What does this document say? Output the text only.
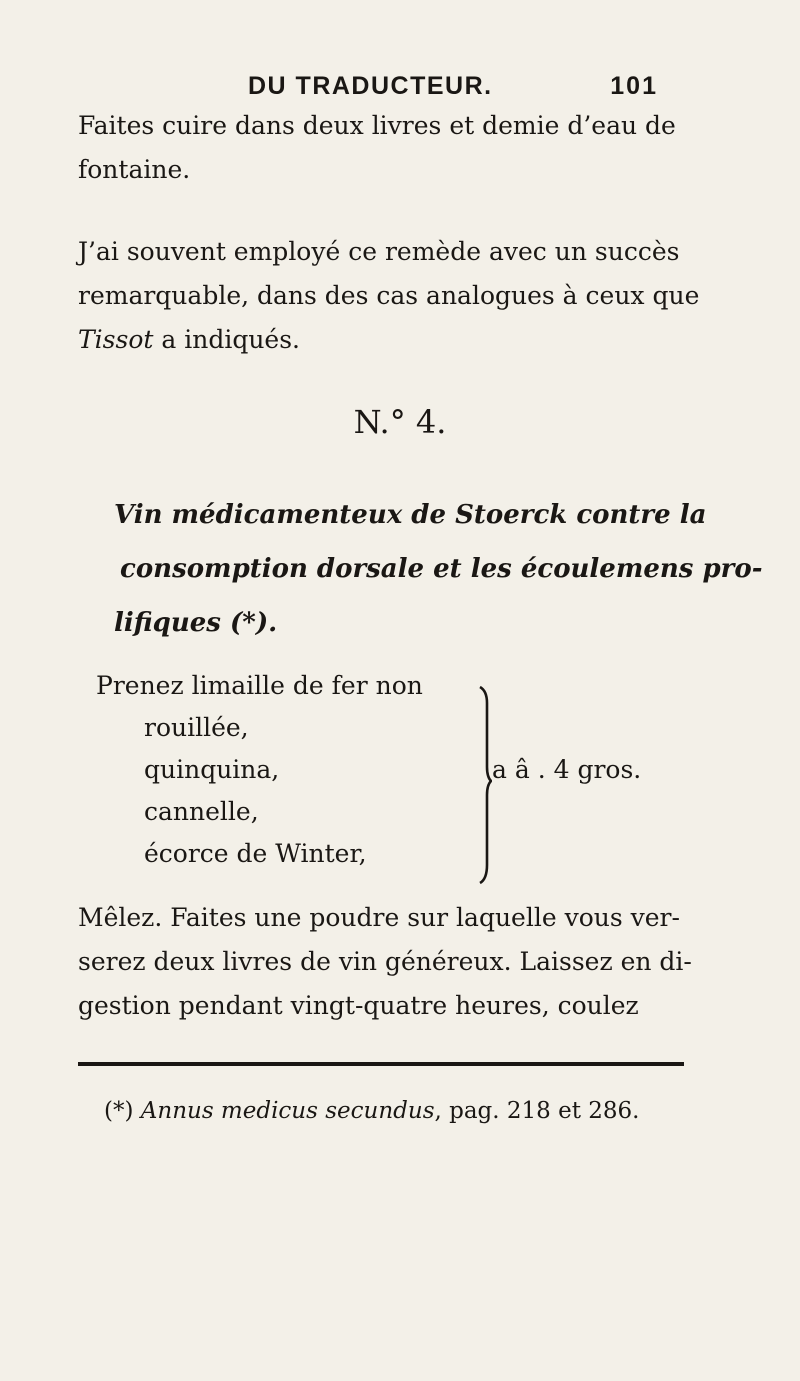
DU TRADUCTEUR.	101
Faites cuire dans deux livres et demie d’eau de
fontaine.
J’ai souvent employé ce remède avec un succès
remarquable, dans des cas analogues à ceux que
Tissot a indiqués.
N.° 4.
Vin médicamenteux de Stoerck contre la
consomption dorsale et les écoulemens pro-
lifiques (*).
Prenez limaille de fer non
rouillée,
quinquina,
cannelle,
écorce de Winter,
a â . 4 gros.
Mêlez. Faites une poudre sur laquelle vous ver-
serez deux livres de vin généreux. Laissez en di-
gestion pendant vingt-quatre heures, coulez
(*) Annus medicus secundus, pag. 218 et 286.
